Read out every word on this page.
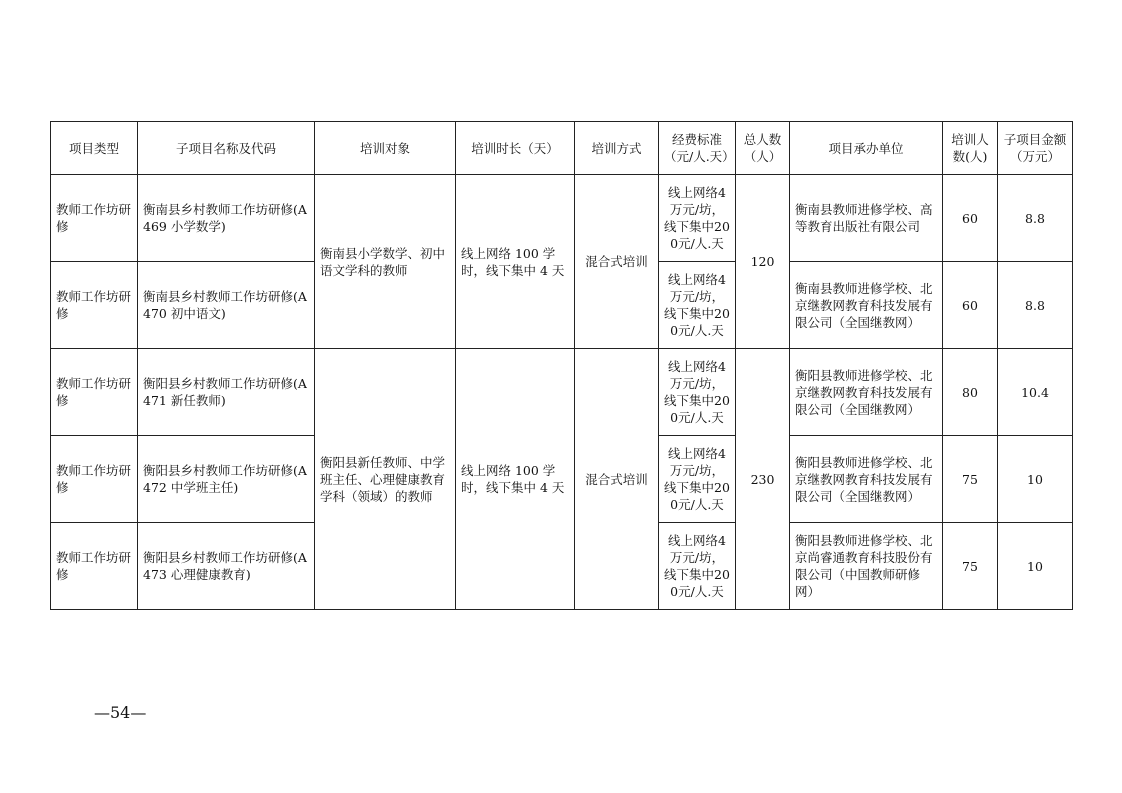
项目类型	子项目名称及代码	培训对象	培训时长（天）	培训方式	经费标准（元/人.天）	总人数（人）	项目承办单位	培训人数(人)	子项目金额（万元）
教师工作坊研修	衡南县乡村教师工作坊研修(A469 小学数学)	衡南县小学数学、初中语文学科的教师	线上网络 100 学时，线下集中 4 天	混合式培训	线上网络4万元/坊，线下集中200元/人.天	120	衡南县教师进修学校、高等教育出版社有限公司	60	8.8
教师工作坊研修	衡南县乡村教师工作坊研修(A470 初中语文)				线上网络4万元/坊，线下集中200元/人.天		衡南县教师进修学校、北京继教网教育科技发展有限公司（全国继教网）	60	8.8
教师工作坊研修	衡阳县乡村教师工作坊研修(A471 新任教师)	衡阳县新任教师、中学班主任、心理健康教育学科（领域）的教师	线上网络 100 学时，线下集中 4 天	混合式培训	线上网络4万元/坊，线下集中200元/人.天	230	衡阳县教师进修学校、北京继教网教育科技发展有限公司（全国继教网）	80	10.4
教师工作坊研修	衡阳县乡村教师工作坊研修(A472 中学班主任)				线上网络4万元/坊，线下集中200元/人.天		衡阳县教师进修学校、北京继教网教育科技发展有限公司（全国继教网）	75	10
教师工作坊研修	衡阳县乡村教师工作坊研修(A473 心理健康教育)				线上网络4万元/坊，线下集中200元/人.天		衡阳县教师进修学校、北京尚睿通教育科技股份有限公司（中国教师研修网）	75	10
—54—
